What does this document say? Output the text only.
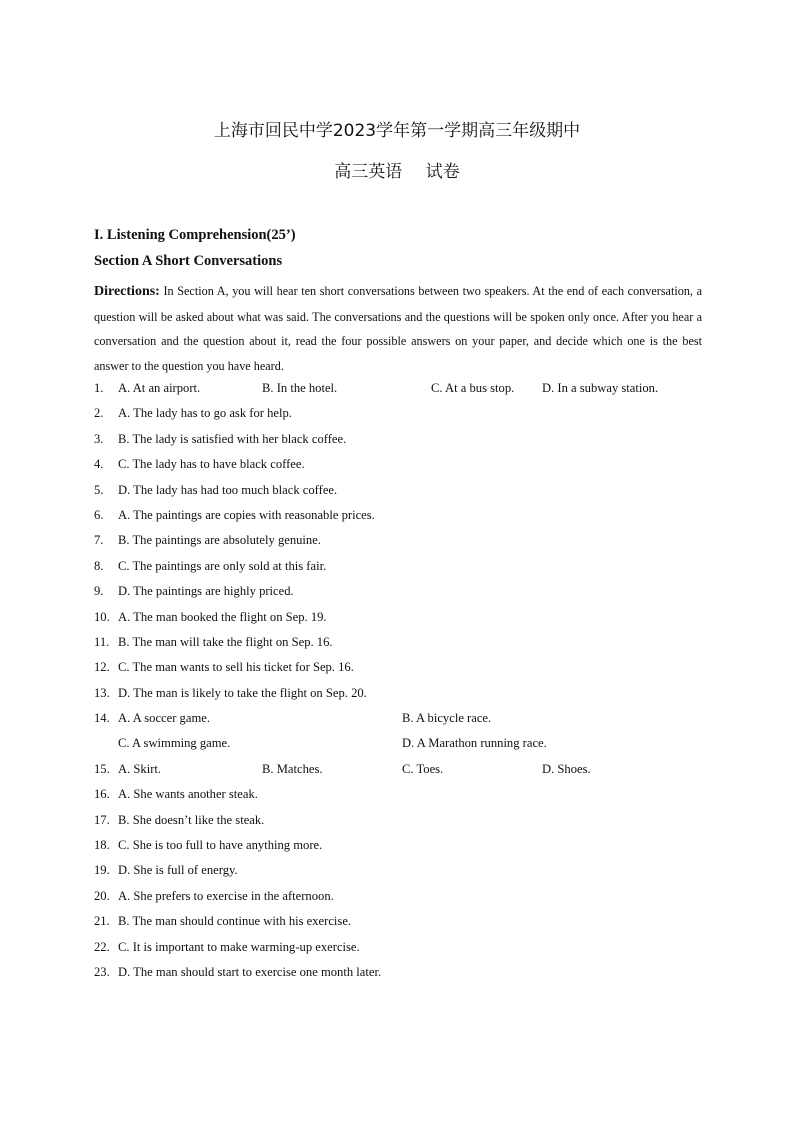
上海市回民中学2023学年第一学期高三年级期中
高三英语 试卷
I. Listening Comprehension(25’)
Section A Short Conversations
Directions: In Section A, you will hear ten short conversations between two speakers. At the end of each conversation, a question will be asked about what was said. The conversations and the questions will be spoken only once. After you hear a conversation and the question about it, read the four possible answers on your paper, and decide which one is the best answer to the question you have heard.
1. A. At an airport.	B. In the hotel.	C. At a bus stop. D. In a subway station.
2. A. The lady has to go ask for help.
3. B. The lady is satisfied with her black coffee.
4. C. The lady has to have black coffee.
5. D. The lady has had too much black coffee.
6. A. The paintings are copies with reasonable prices.
7. B. The paintings are absolutely genuine.
8. C. The paintings are only sold at this fair.
9. D. The paintings are highly priced.
10. A. The man booked the flight on Sep. 19.
11. B. The man will take the flight on Sep. 16.
12. C. The man wants to sell his ticket for Sep. 16.
13. D. The man is likely to take the flight on Sep. 20.
14. A. A soccer game.	B. A bicycle race.
C. A swimming game.	D. A Marathon running race.
15. A. Skirt.	B. Matches.	C. Toes.	D. Shoes.
16. A. She wants another steak.
17. B. She doesn’t like the steak.
18. C. She is too full to have anything more.
19. D. She is full of energy.
20. A. She prefers to exercise in the afternoon.
21. B. The man should continue with his exercise.
22. C. It is important to make warming-up exercise.
23. D. The man should start to exercise one month later.
